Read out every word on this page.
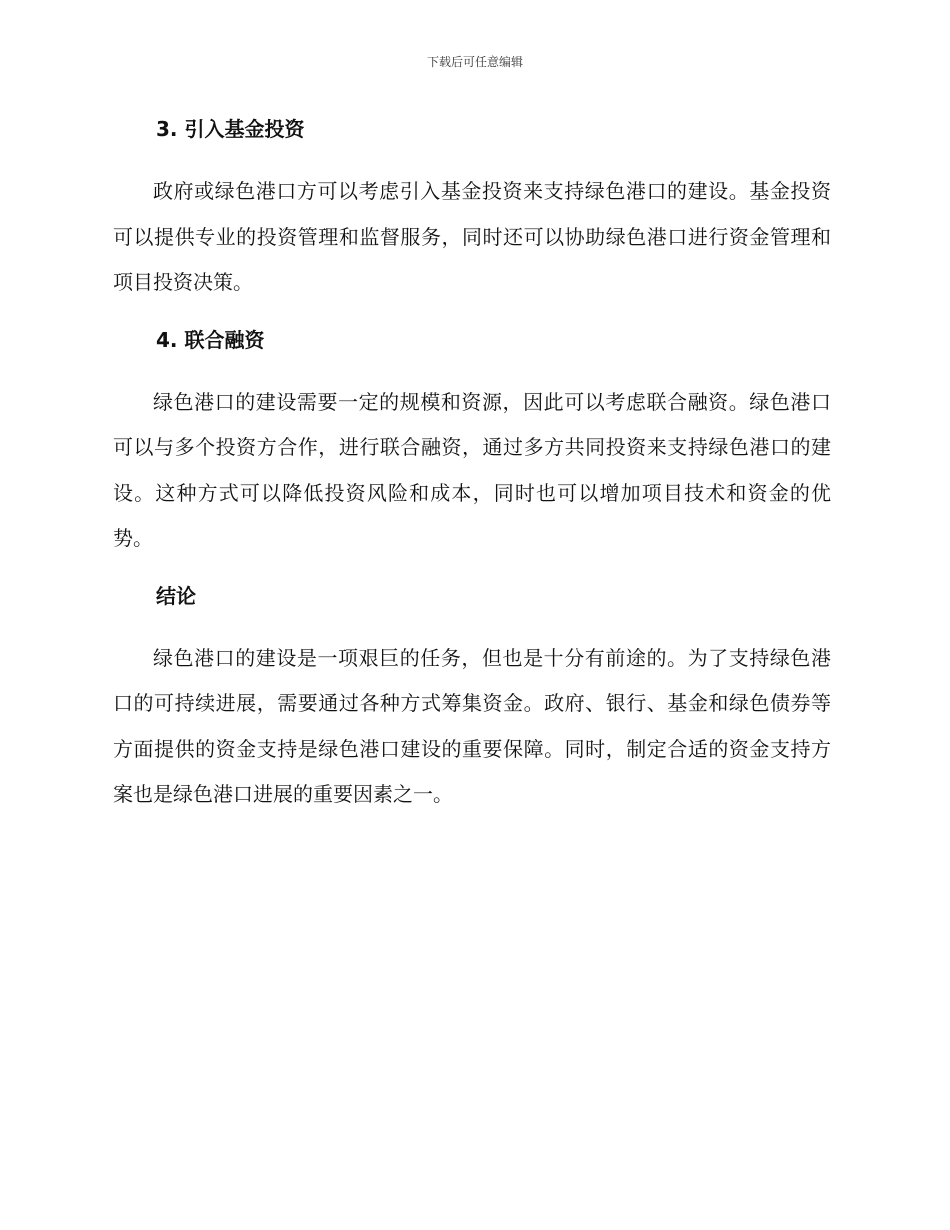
下载后可任意编辑
3. 引入基金投资

政府或绿色港口方可以考虑引入基金投资来支持绿色港口的建设。基金投资可以提供专业的投资管理和监督服务，同时还可以协助绿色港口进行资金管理和项目投资决策。

4. 联合融资

绿色港口的建设需要一定的规模和资源，因此可以考虑联合融资。绿色港口可以与多个投资方合作，进行联合融资，通过多方共同投资来支持绿色港口的建设。这种方式可以降低投资风险和成本，同时也可以增加项目技术和资金的优势。

结论

绿色港口的建设是一项艰巨的任务，但也是十分有前途的。为了支持绿色港口的可持续进展，需要通过各种方式筹集资金。政府、银行、基金和绿色债券等方面提供的资金支持是绿色港口建设的重要保障。同时，制定合适的资金支持方案也是绿色港口进展的重要因素之一。
